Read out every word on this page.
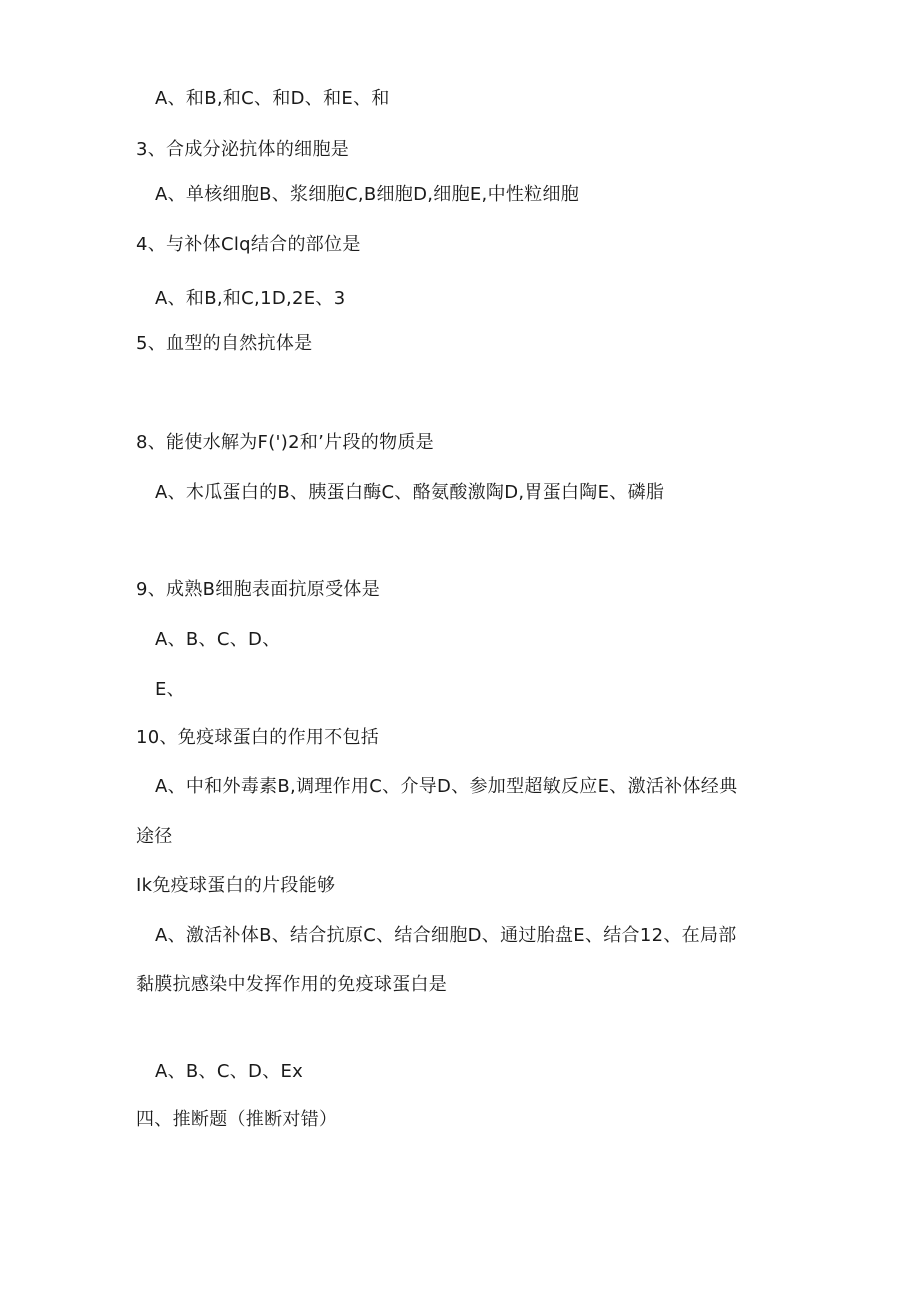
A、和B,和C、和D、和E、和
3、合成分泌抗体的细胞是
A、单核细胞B、浆细胞C,B细胞D,细胞E,中性粒细胞
4、与补体Clq结合的部位是
A、和B,和C,1D,2E、3
5、血型的自然抗体是
8、能使水解为F(')2和’片段的物质是
A、木瓜蛋白的B、胰蛋白酶C、酪氨酸激陶D,胃蛋白陶E、磷脂
9、成熟B细胞表面抗原受体是
A、B、C、D、
E、
10、免疫球蛋白的作用不包括
A、中和外毒素B,调理作用C、介导D、参加型超敏反应E、激活补体经典
途径
Ik免疫球蛋白的片段能够
A、激活补体B、结合抗原C、结合细胞D、通过胎盘E、结合12、在局部
黏膜抗感染中发挥作用的免疫球蛋白是
A、B、C、D、Ex
四、推断题（推断对错）
